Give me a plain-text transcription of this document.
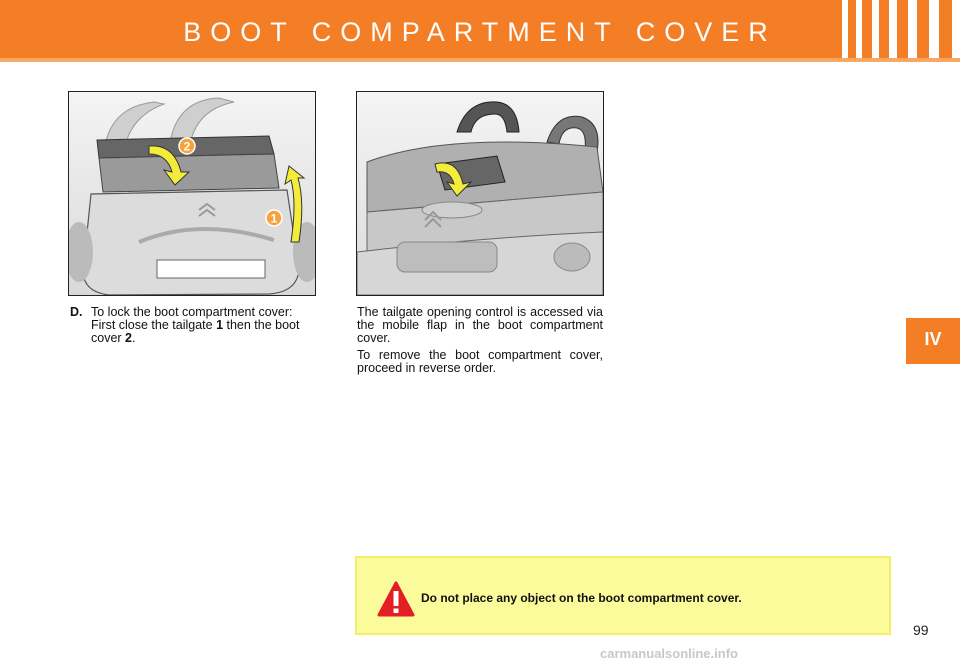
BOOT COMPARTMENT COVER
2
1
D. To lock the boot compartment cover: First close the tailgate 1 then the boot cover 2.
The tailgate opening control is accessed via the mobile flap in the boot compartment cover.
To remove the boot compartment cover, proceed in reverse order.
Do not place any object on the boot compartment cover.
IV
99
carmanualsonline.info
